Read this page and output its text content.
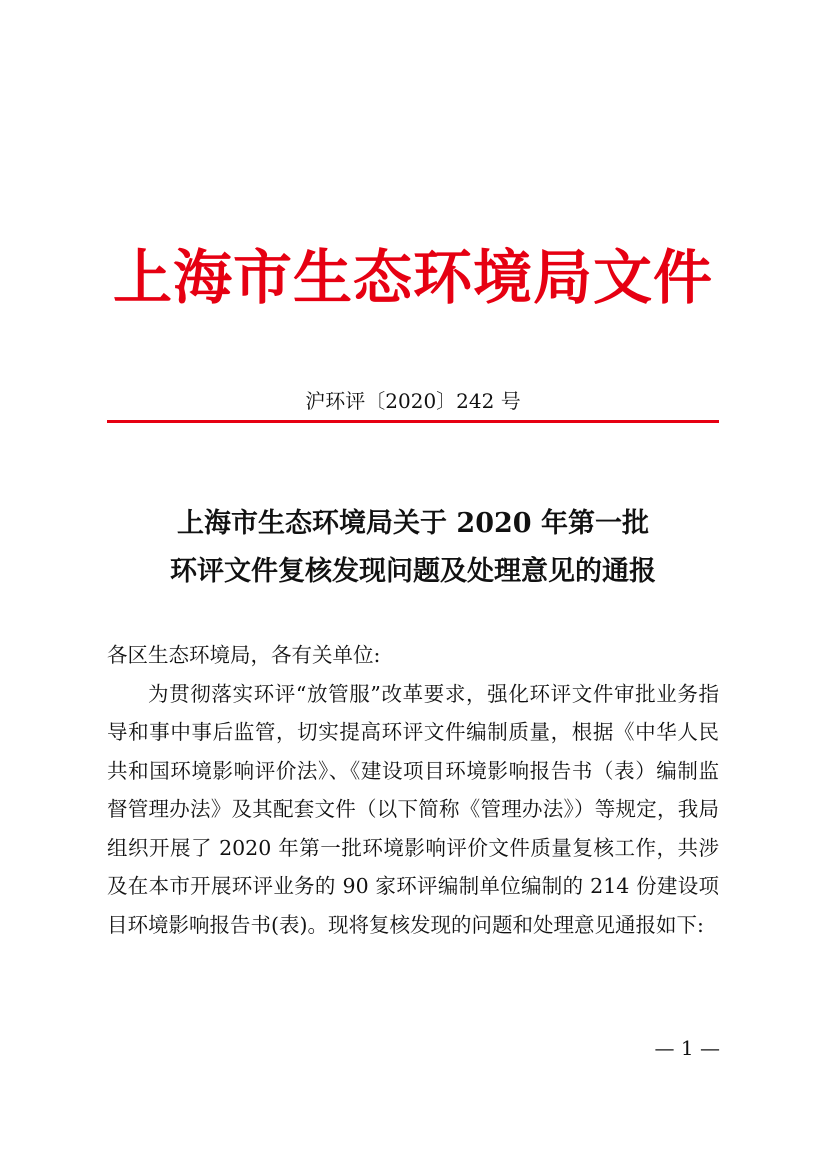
上海市生态环境局文件
沪环评〔2020〕242 号
上海市生态环境局关于 2020 年第一批
环评文件复核发现问题及处理意见的通报

各区生态环境局，各有关单位:

为贯彻落实环评“放管服”改革要求，强化环评文件审批业务指导和事中事后监管，切实提高环评文件编制质量，根据《中华人民共和国环境影响评价法》、《建设项目环境影响报告书（表）编制监督管理办法》及其配套文件（以下简称《管理办法》）等规定，我局组织开展了 2020 年第一批环境影响评价文件质量复核工作，共涉及在本市开展环评业务的 90 家环评编制单位编制的 214 份建设项目环境影响报告书(表)。现将复核发现的问题和处理意见通报如下:

— 1 —
